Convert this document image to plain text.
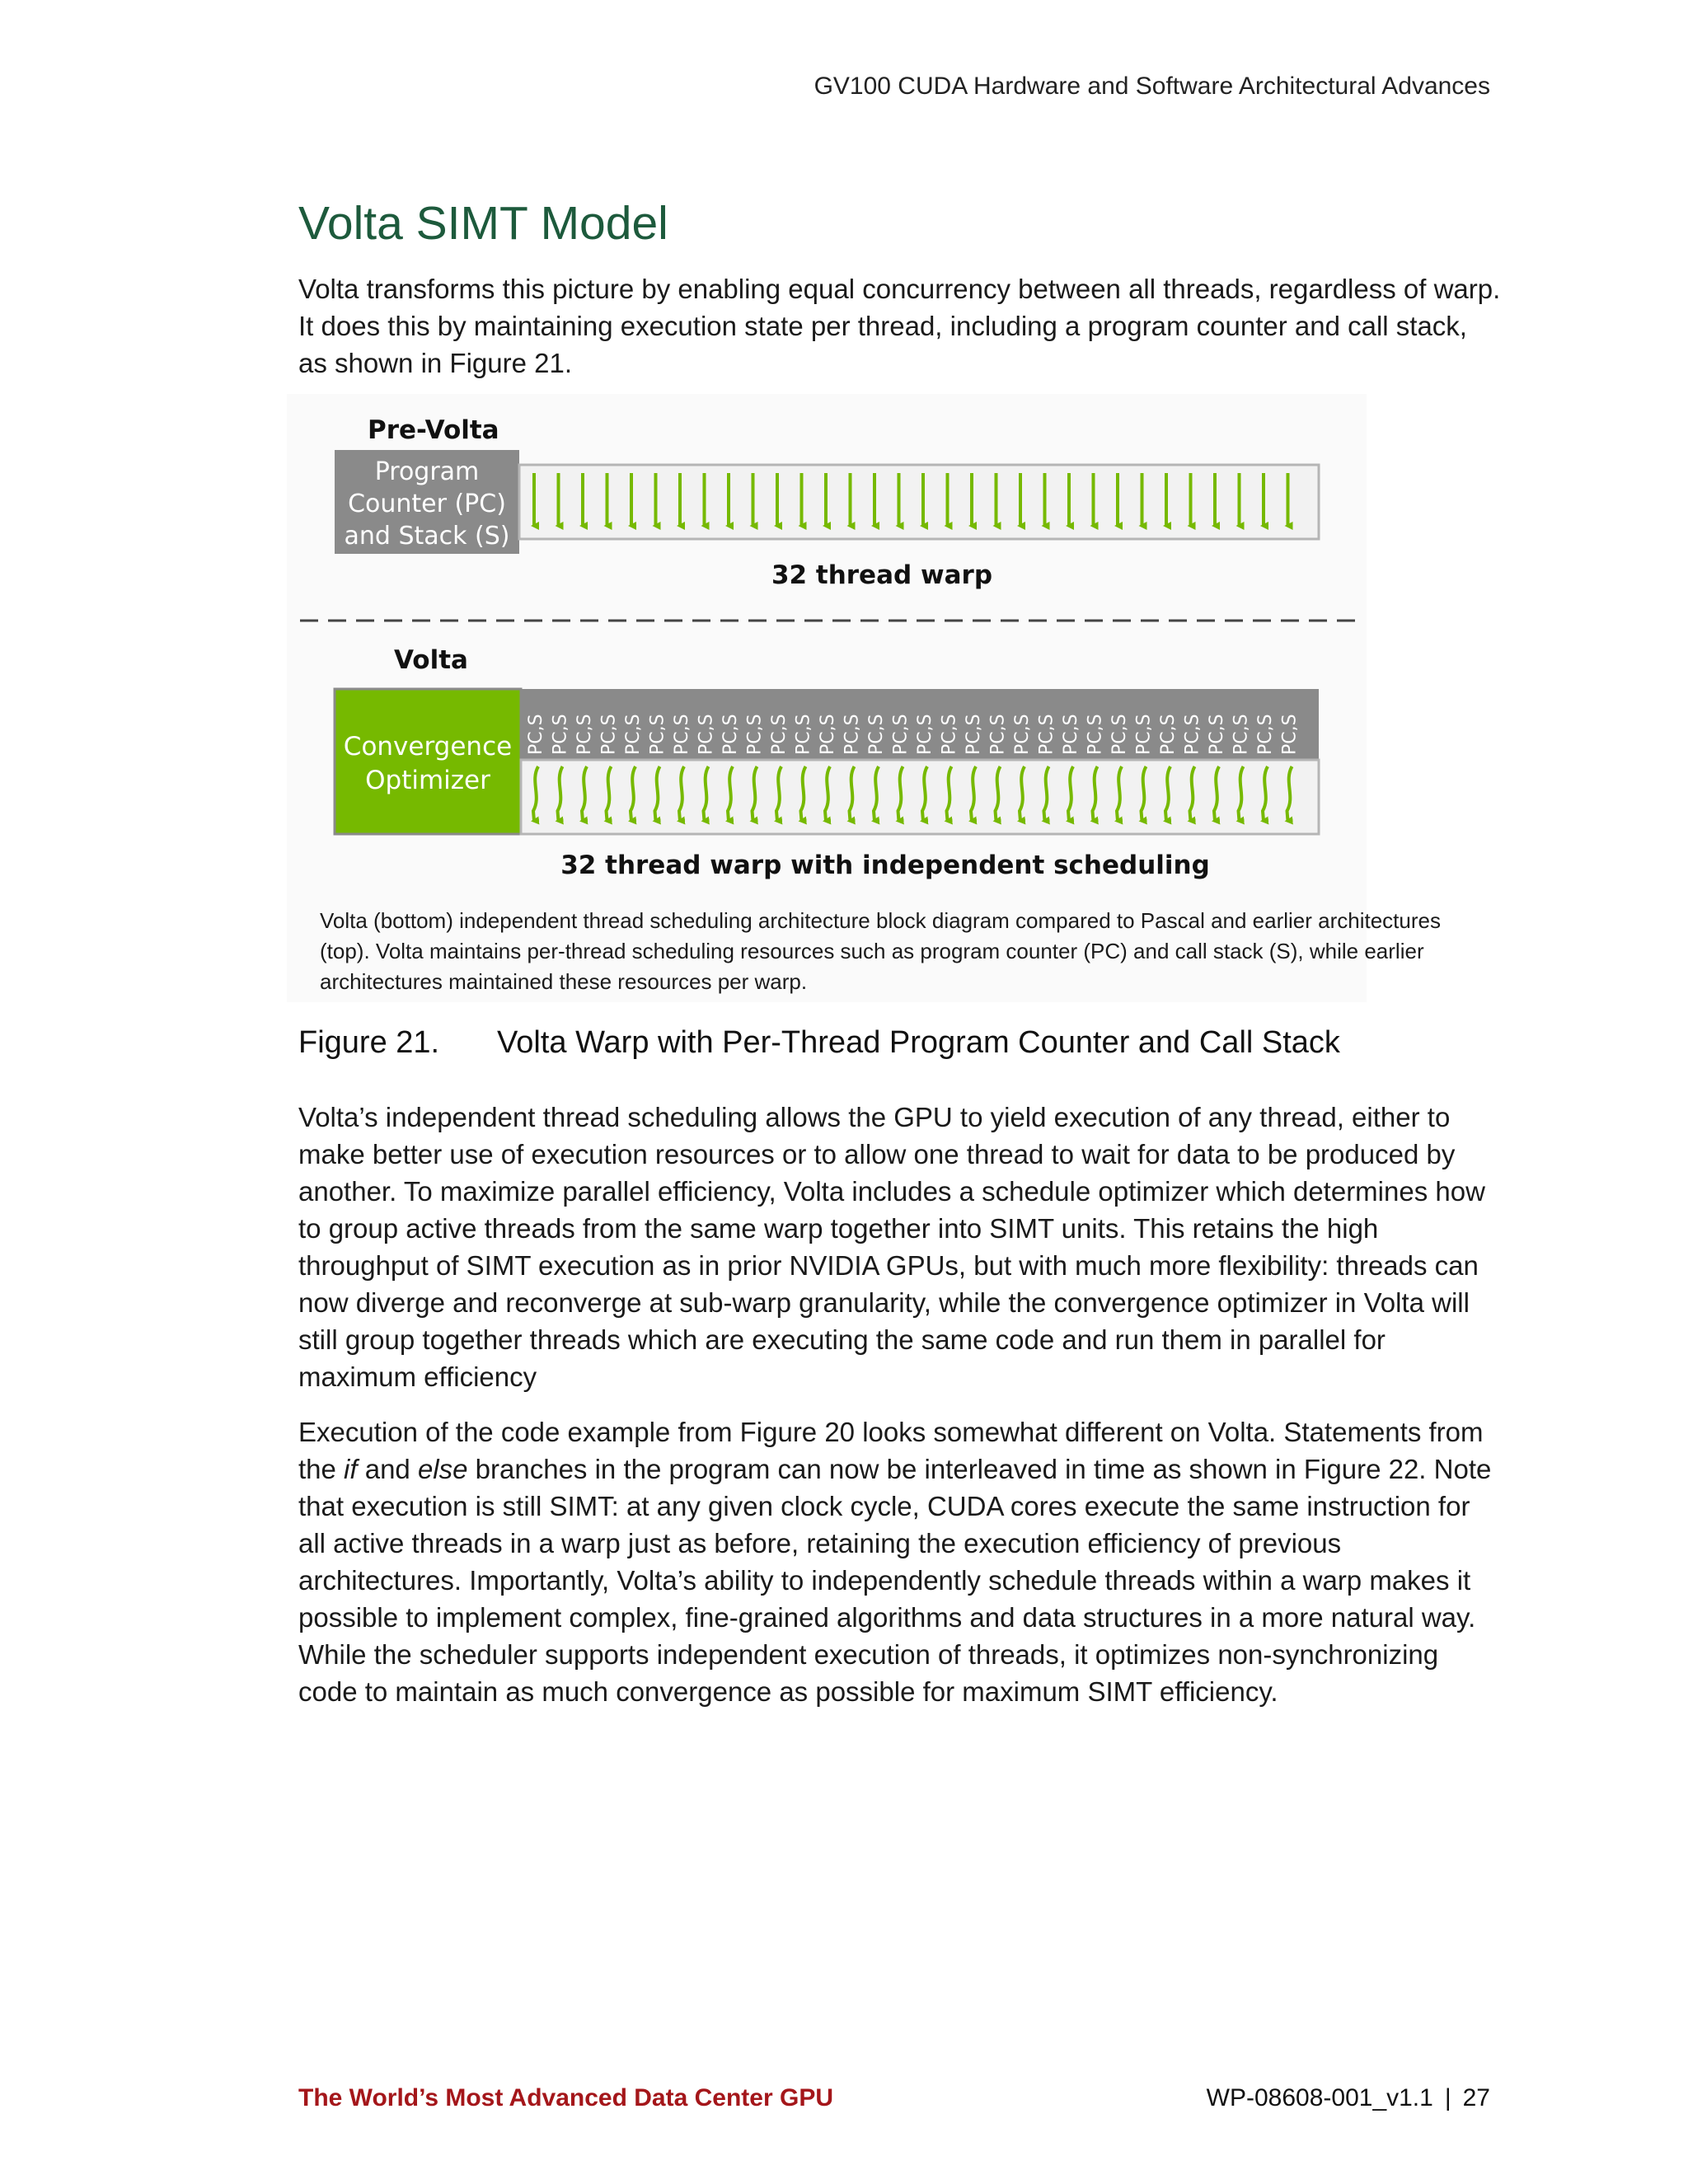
GV100 CUDA Hardware and Software Architectural Advances
Volta SIMT Model

Volta transforms this picture by enabling equal concurrency between all threads, regardless of warp. It does this by maintaining execution state per thread, including a program counter and call stack, as shown in Figure 21.

Pre-Volta
Program
Counter (PC)
and Stack (S)
32 thread warp
Volta
Convergence
Optimizer
PC,S PC,S PC,S PC,S PC,S PC,S PC,S PC,S PC,S PC,S PC,S PC,S PC,S PC,S PC,S PC,S PC,S PC,S PC,S PC,S PC,S PC,S PC,S PC,S PC,S PC,S PC,S PC,S PC,S PC,S PC,S PC,S
32 thread warp with independent scheduling

Volta (bottom) independent thread scheduling architecture block diagram compared to Pascal and earlier architectures (top). Volta maintains per-thread scheduling resources such as program counter (PC) and call stack (S), while earlier architectures maintained these resources per warp.

Figure 21.	Volta Warp with Per-Thread Program Counter and Call Stack

Volta’s independent thread scheduling allows the GPU to yield execution of any thread, either to make better use of execution resources or to allow one thread to wait for data to be produced by another. To maximize parallel efficiency, Volta includes a schedule optimizer which determines how to group active threads from the same warp together into SIMT units. This retains the high throughput of SIMT execution as in prior NVIDIA GPUs, but with much more flexibility: threads can now diverge and reconverge at sub-warp granularity, while the convergence optimizer in Volta will still group together threads which are executing the same code and run them in parallel for maximum efficiency

Execution of the code example from Figure 20 looks somewhat different on Volta. Statements from the if and else branches in the program can now be interleaved in time as shown in Figure 22. Note that execution is still SIMT: at any given clock cycle, CUDA cores execute the same instruction for all active threads in a warp just as before, retaining the execution efficiency of previous architectures. Importantly, Volta’s ability to independently schedule threads within a warp makes it possible to implement complex, fine-grained algorithms and data structures in a more natural way. While the scheduler supports independent execution of threads, it optimizes non-synchronizing code to maintain as much convergence as possible for maximum SIMT efficiency.

The World’s Most Advanced Data Center GPU	WP-08608-001_v1.1 | 27
